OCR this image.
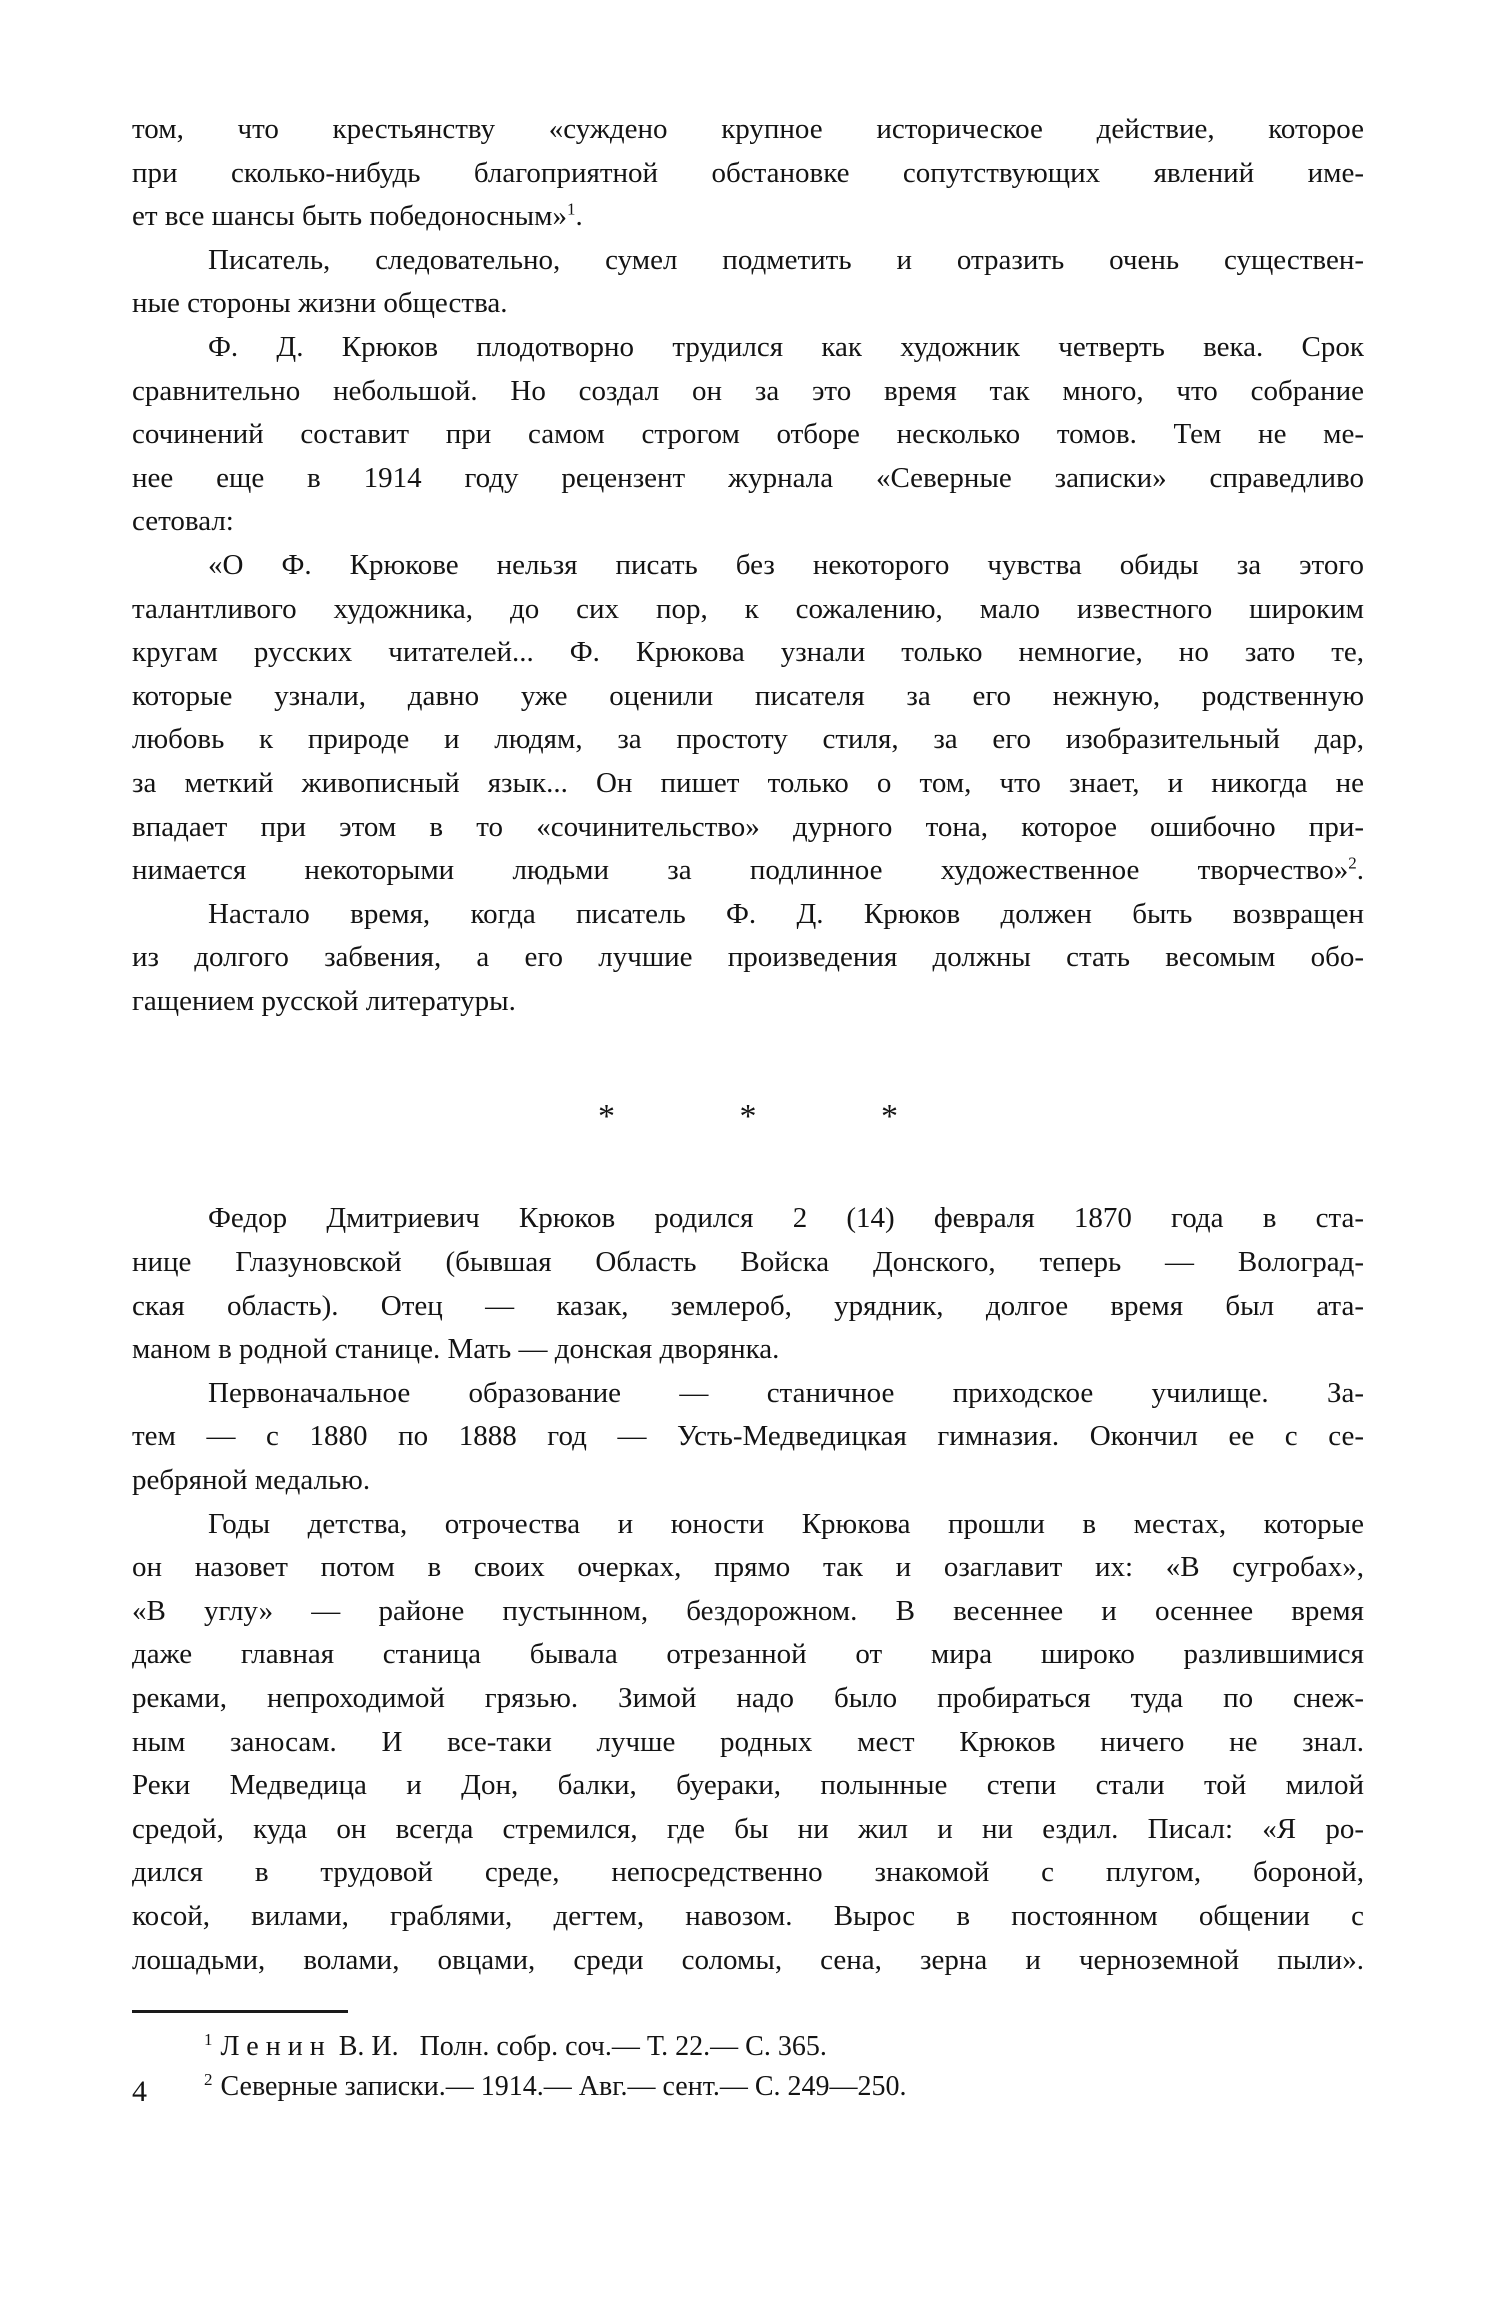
том, что крестьянству «суждено крупное историческое действие, которое
при сколько-нибудь благоприятной обстановке сопутствующих явлений име-
ет все шансы быть победоносным»$^1$.

Писатель, следовательно, сумел подметить и отразить очень существен-
ные стороны жизни общества.

Ф. Д. Крюков плодотворно трудился как художник четверть века. Срок
сравнительно небольшой. Но создал он за это время так много, что собрание
сочинений составит при самом строгом отборе несколько томов. Тем не ме-
нее еще в 1914 году рецензент журнала «Северные записки» справедливо
сетовал:

«О Ф. Крюкове нельзя писать без некоторого чувства обиды за этого
талантливого художника, до сих пор, к сожалению, мало известного широким
кругам русских читателей... Ф. Крюкова узнали только немногие, но зато те,
которые узнали, давно уже оценили писателя за его нежную, родственную
любовь к природе и людям, за простоту стиля, за его изобразительный дар,
за меткий живописный язык... Он пишет только о том, что знает, и никогда не
впадает при этом в то «сочинительство» дурного тона, которое ошибочно при-
нимается некоторыми людьми за подлинное художественное творчество»$^2$.

Настало время, когда писатель Ф. Д. Крюков должен быть возвращен
из долгого забвения, а его лучшие произведения должны стать весомым обо-
гащением русской литературы.

* * *

Федор Дмитриевич Крюков родился 2 (14) февраля 1870 года в ста-
нице Глазуновской (бывшая Область Войска Донского, теперь — Волоград-
ская область). Отец — казак, землероб, урядник, долгое время был ата-
маном в родной станице. Мать — донская дворянка.

Первоначальное образование — станичное приходское училище. За-
тем — с 1880 по 1888 год — Усть-Медведицкая гимназия. Окончил ее с се-
ребряной медалью.

Годы детства, отрочества и юности Крюкова прошли в местах, которые
он назовет потом в своих очерках, прямо так и озаглавит их: «В сугробах»,
«В углу» — районе пустынном, бездорожном. В весеннее и осеннее время
даже главная станица бывала отрезанной от мира широко разлившимися
реками, непроходимой грязью. Зимой надо было пробираться туда по снеж-
ным заносам. И все-таки лучше родных мест Крюков ничего не знал.
Реки Медведица и Дон, балки, буераки, полынные степи стали той милой
средой, куда он всегда стремился, где бы ни жил и ни ездил. Писал: «Я ро-
дился в трудовой среде, непосредственно знакомой с плугом, бороной,
косой, вилами, граблями, дегтем, навозом. Вырос в постоянном общении с
лошадьми, волами, овцами, среди соломы, сена, зерна и черноземной пыли».

$^1$ Ленин В. И.   Полн. собр. соч.— Т. 22.— С. 365.
$^2$ Северные записки.— 1914.— Авг.— сент.— С. 249—250.
4
